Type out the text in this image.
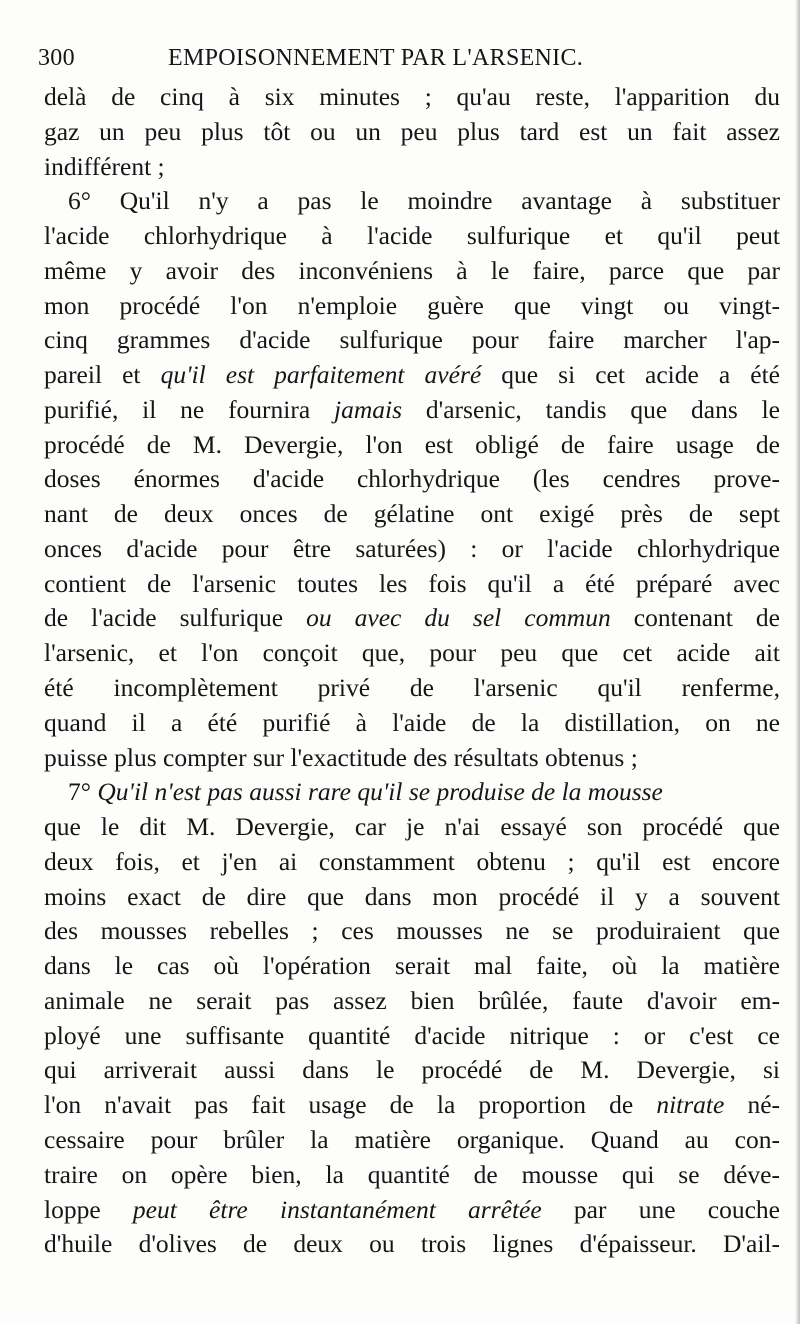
300	EMPOISONNEMENT PAR L'ARSENIC.
delà de cinq à six minutes ; qu'au reste, l'apparition du
gaz un peu plus tôt ou un peu plus tard est un fait assez
indifférent ;
6° Qu'il n'y a pas le moindre avantage à substituer
l'acide chlorhydrique à l'acide sulfurique et qu'il peut
même y avoir des inconvéniens à le faire, parce que par
mon procédé l'on n'emploie guère que vingt ou vingt-
cinq grammes d'acide sulfurique pour faire marcher l'ap-
pareil et qu'il est parfaitement avéré que si cet acide a été
purifié, il ne fournira jamais d'arsenic, tandis que dans le
procédé de M. Devergie, l'on est obligé de faire usage de
doses énormes d'acide chlorhydrique (les cendres prove-
nant de deux onces de gélatine ont exigé près de sept
onces d'acide pour être saturées) : or l'acide chlorhydrique
contient de l'arsenic toutes les fois qu'il a été préparé avec
de l'acide sulfurique ou avec du sel commun contenant de
l'arsenic, et l'on conçoit que, pour peu que cet acide ait
été incomplètement privé de l'arsenic qu'il renferme,
quand il a été purifié à l'aide de la distillation, on ne
puisse plus compter sur l'exactitude des résultats obtenus ;
7° Qu'il n'est pas aussi rare qu'il se produise de la mousse
que le dit M. Devergie, car je n'ai essayé son procédé que
deux fois, et j'en ai constamment obtenu ; qu'il est encore
moins exact de dire que dans mon procédé il y a souvent
des mousses rebelles ; ces mousses ne se produiraient que
dans le cas où l'opération serait mal faite, où la matière
animale ne serait pas assez bien brûlée, faute d'avoir em-
ployé une suffisante quantité d'acide nitrique : or c'est ce
qui arriverait aussi dans le procédé de M. Devergie, si
l'on n'avait pas fait usage de la proportion de nitrate né-
cessaire pour brûler la matière organique. Quand au con-
traire on opère bien, la quantité de mousse qui se déve-
loppe peut être instantanément arrêtée par une couche
d'huile d'olives de deux ou trois lignes d'épaisseur. D'ail-
